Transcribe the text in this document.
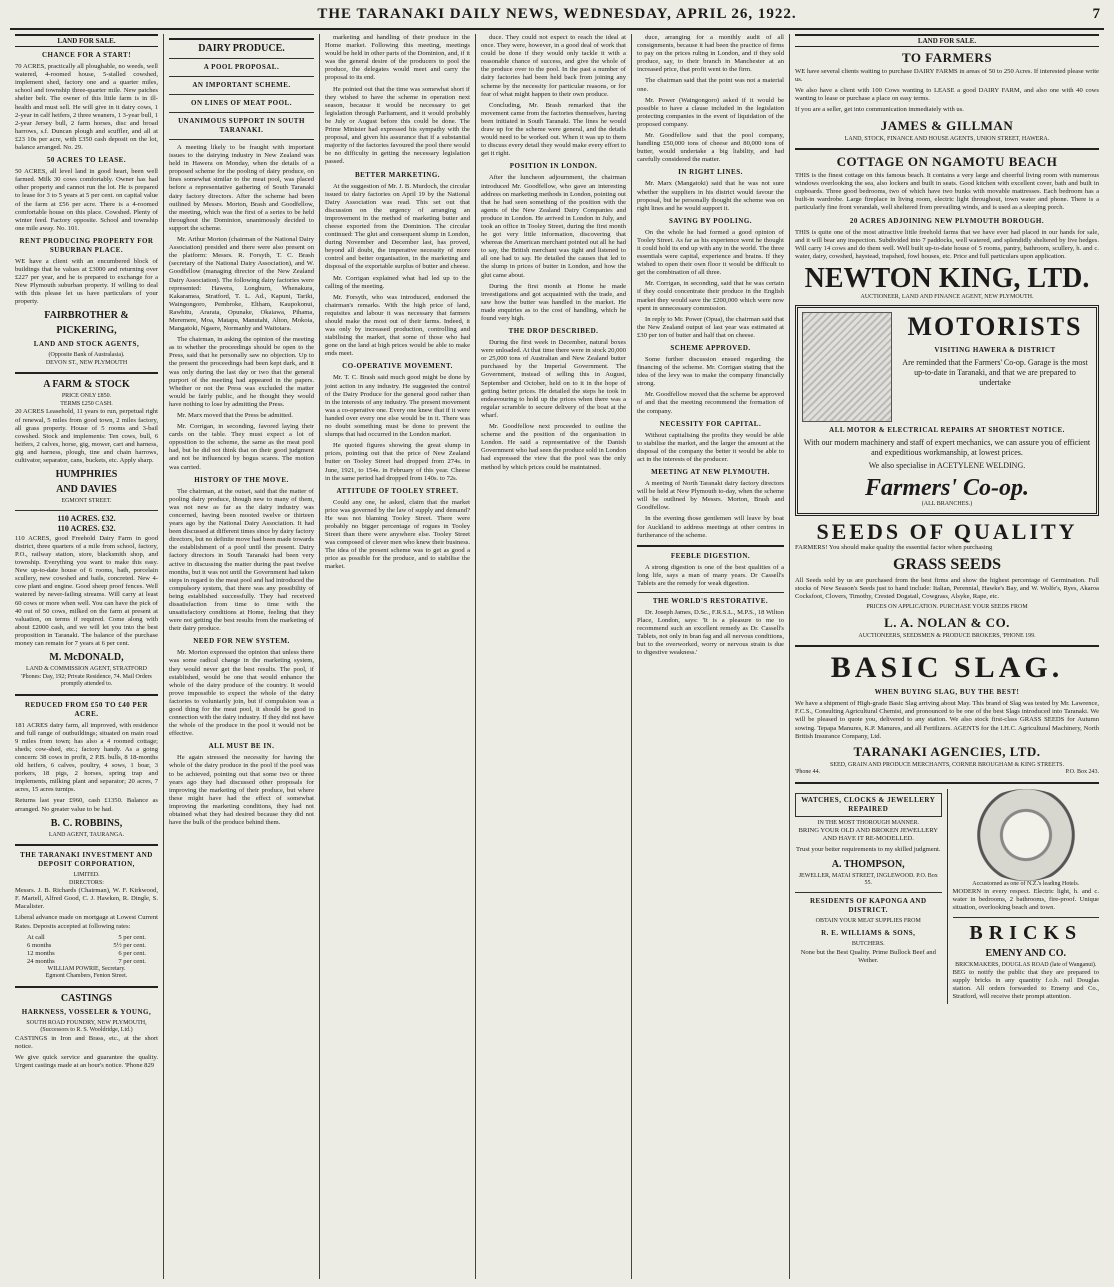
THE TARANAKI DAILY NEWS, WEDNESDAY, APRIL 26, 1922.	7
LAND FOR SALE.
CHANCE FOR A START!

70 ACRES, practically all ploughable, no weeds, well watered, 4-roomed house, 5-stalled cowshed, implement shed, factory one and a quarter miles, school and township three-quarter mile. New patches shelter belt. The owner of this little farm is in ill-health and must sell. He will give in it dairy cows, 1 2-year in calf heifers, 2 three weaners, 1 3-year bull, 1 2-year Jersey bull, 2 farm horses, disc and broad harrows, s.f. Duncan plough and scuffler, and all at £23 10s per acre, with £350 cash deposit on the lot, balance arranged. No. 29.

50 ACRES TO LEASE.

50 ACRES, all level land in good heart, been well farmed. Milk 30 cows comfortably. Owner has had other property and cannot run the lot. He is prepared to lease for 3 to 5 years at 5 per cent. on capital value of the farm at £56 per acre. There is a 4-roomed comfortable house on this place. Cowshed. Plenty of winter feed. Factory opposite. School and township one mile away. No. 101.

RENT PRODUCING PROPERTY FOR SUBURBAN PLACE.

WE have a client with an encumbered block of buildings that he values at £3000 and returning over £227 per year, and he is prepared to exchange for a New Plymouth suburban property. If willing to deal with this please let us have particulars of your property.

FAIRBROTHER &
PICKERING,
LAND AND STOCK AGENTS,
(Opposite Bank of Australasia).
DEVON ST., NEW PLYMOUTH
A FARM & STOCK
PRICE ONLY £850.
TERMS £250 CASH.

20 ACRES Leasehold, 11 years to run, perpetual right of renewal, 5 miles from good town, 2 miles factory, all grass property. House of 5 rooms and 3-bail cowshed. Stock and implements: Ten cows, bull, 6 heifers, 2 calves, horse, gig, mower, cart and harness, gig and harness, plough, tine and chain harrows, cultivator, separator, cans, buckets, etc. Apply sharp.

HUMPHRIES
AND DAVIES
EGMONT STREET.
110 ACRES. £32.
110 ACRES. £32.

110 ACRES, good Freehold Dairy Farm in good district, three quarters of a mile from school, factory, P.O., railway station, store, blacksmith shop, and township. Everything you want to make this easy. New up-to-date house of 6 rooms, bath, porcelain scullery, new cowshed and bails, concreted. New 4-cow plant and engine. Good sheep proof fences. Well watered by never-failing streams. Will carry at least 60 cows or more when well. You can have the pick of 40 out of 50 cows, milked on the farm at present at valuation, on terms if required. Come along with about £2000 cash, and we will let you into the best proposition in Taranaki. The balance of the purchase money can remain for 7 years at 6 per cent.

M. McDONALD,
LAND & COMMISSION AGENT, STRATFORD
'Phones: Day, 192; Private Residence, 74. Mail Orders promptly attended to.
REDUCED FROM £50 TO £40 PER ACRE.

181 ACRES dairy farm, all improved, with residence and full range of outbuildings; situated on main road 9 miles from town; has also a 4 roomed cottage; sheds; cow-shed, etc.; factory handy. As a going concern: 38 cows in profit, 2 P.B. bulls, 8 18-months old heifers, 6 calves, poultry, 4 sows, 1 boar, 3 porkers, 18 pigs, 2 horses, spring trap and implements, milking plant and separator; 20 acres, 7 acres, 15 acres turnips.

Returns last year £960, cash £1350. Balance as arranged. No greater value to be had.

B. C. ROBBINS,
LAND AGENT, TAURANGA.
THE TARANAKI INVESTMENT AND DEPOSIT CORPORATION,
LIMITED.
DIRECTORS:

Messrs. J. B. Richards (Chairman), W. F. Kirkwood, F. Martell, Alfred Good, C. J. Hawken, R. Dingle, S. Macalister.

Liberal advance made on mortgage at Lowest Current Rates. Deposits accepted at following rates:

At call	5 per cent.
6 months	5½ per cent.
12 months	6 per cent.
24 months	7 per cent.
WILLIAM POWRIE, Secretary.
Egmont Chambers, Fenton Street.
CASTINGS
HARKNESS, VOSSELER & YOUNG,
SOUTH ROAD FOUNDRY, NEW PLYMOUTH,
(Successors to R. S. Wooldridge, Ltd.)

CASTINGS in Iron and Brass, etc., at the short notice.

We give quick service and guarantee the quality. Urgent castings made at an hour's notice. 'Phone 829

DAIRY PRODUCE.
A POOL PROPOSAL.
AN IMPORTANT SCHEME.
ON LINES OF MEAT POOL.
UNANIMOUS SUPPORT IN SOUTH TARANAKI.

A meeting likely to be fraught with important issues to the dairying industry in New Zealand was held in Hawera on Monday, when the details of a proposed scheme for the pooling of dairy produce, on lines somewhat similar to the meat pool, was placed before a representative gathering of South Taranaki dairy factory directors. After the scheme had been outlined by Messrs. Morton, Brash and Goodfellow, the meeting, which was the first of a series to be held throughout the Dominion, unanimously decided to support the scheme.

Mr. Arthur Morton (chairman of the National Dairy Association) presided and there were also present on the platform: Messrs. R. Forsyth, T. C. Brash (secretary of the National Dairy Association), and W. Goodfellow (managing director of the New Zealand Dairy Association). The following dairy factories were represented: Hawera, Longburn, Whenakura, Kakaramea, Stratford, T. L. Ad., Kapuni, Tariki, Waingongoro, Pembroke, Eltham, Kaupokonui, Rawhitu, Ararata, Opunake, Okaiawa, Pihama, Meremere, Moa, Matapu, Manutahi, Alton, Mokoia, Mangatoki, Ngaere, Normanby and Waitotara.

The chairman, in asking the opinion of the meeting as to whether the proceedings should be open to the Press, said that he personally saw no objection. Up to the present the proceedings had been kept dark, and it was only during the last day or two that the general purport of the meeting had appeared in the papers. Whether or not the Press was excluded the matter would be fairly public, and he thought they would have nothing to lose by admitting the Press.

Mr. Marx moved that the Press be admitted.

Mr. Corrigan, in seconding, favored laying their cards on the table. They must expect a lot of opposition to the scheme, the same as the meat pool had, but he did not think that on their good judgment and not be influenced by bogus scares. The motion was carried.

HISTORY OF THE MOVE.

The chairman, at the outset, said that the matter of pooling dairy produce, though new to many of them, was not new as far as the dairy industry was concerned, having been mooted twelve or thirteen years ago by the National Dairy Association. It had been discussed at different times since by dairy factory directors, but no definite move had been made towards the establishment of a pool until the present. Dairy factory directors in South Taranaki had been very active in discussing the matter during the past twelve months, but it was not until the Government had taken steps in regard to the meat pool and had introduced the compulsory system, that there was any possibility of being established successfully. They had received dissatisfaction from time to time with the unsatisfactory conditions at Home, feeling that they were not getting the best results from the marketing of their dairy produce.

NEED FOR NEW SYSTEM.

Mr. Morton expressed the opinion that unless there was some radical change in the marketing system, they would never get the best results. The pool, if established, would be one that would enhance the whole of the dairy produce of the country. It would prove impossible to expect the whole of the dairy factories to voluntarily join, but if compulsion was a good thing for the meat pool, it should be good in connection with the dairy industry. If they did not have the whole of the produce in the pool it would not be effective.

ALL MUST BE IN.

He again stressed the necessity for having the whole of the dairy produce in the pool if the pool was to be achieved, pointing out that some two or three years ago they had discussed other proposals for improving the marketing of their produce, but where these might have had the effect of somewhat improving the marketing conditions, they had not obtained what they had desired because they did not have the bulk of the produce behind them.

marketing and handling of their produce in the Home market. Following this meeting, meetings would be held in other parts of the Dominion, and, if it was the general desire of the producers to pool the produce, the delegates would meet and carry the proposal to its end.

He pointed out that the time was somewhat short if they wished to have the scheme in operation next season, because it would be necessary to get legislation through Parliament, and it would probably be July or August before this could be done. The Prime Minister had expressed his sympathy with the proposal, and given his assurance that if a substantial majority of the factories favoured the pool there would be no difficulty in getting the necessary legislation passed.

BETTER MARKETING.

At the suggestion of Mr. J. B. Murdoch, the circular issued to dairy factories on April 19 by the National Dairy Association was read. This set out that discussion on the urgency of arranging an improvement in the method of marketing butter and cheese exported from the Dominion. The circular continued: The glut and consequent slump in London, during November and December last, has proved, beyond all doubt, the imperative necessity of more control and better organisation, in the marketing and disposal of the exportable surplus of butter and cheese.

Mr. Corrigan explained what had led up to the calling of the meeting.

Mr. Forsyth, who was introduced, endorsed the chairman's remarks. With the high price of land, requisites and labour it was necessary that farmers should make the most out of their farms. Indeed, it was only by increased production, controlling and stabilising the market, that some of those who had gone on the land at high prices would be able to make ends meet.

CO-OPERATIVE MOVEMENT.

Mr. T. C. Brash said much good might be done by joint action in any industry. He suggested the control of the Dairy Produce for the general good rather than in the interests of any industry. The present movement was a co-operative one. Every one knew that if it were handed over every one else would be in it. There was no doubt something must be done to prevent the slumps that had occurred in the London market.

He quoted figures showing the great slump in prices, pointing out that the price of New Zealand butter on Tooley Street had dropped from 274s. in June, 1921, to 154s. in February of this year. Cheese in the same period had dropped from 140s. to 72s.

ATTITUDE OF TOOLEY STREET.

Could any one, he asked, claim that the market price was governed by the law of supply and demand? He was not blaming Tooley Street. There were probably no bigger percentage of rogues in Tooley Street than there were anywhere else. Tooley Street was composed of clever men who knew their business. The idea of the present scheme was to get as good a price as possible for the produce, and to stabilise the market.

duce. They could not expect to reach the ideal at once. They were, however, in a good deal of work that could be done if they would only tackle it with a reasonable chance of success, and give the whole of the produce over to the pool. In the past a number of dairy factories had been held back from joining any scheme by the necessity for particular reasons, or for fear of what might happen to their own produce.

Concluding, Mr. Brash remarked that the movement came from the factories themselves, having been initiated in South Taranaki. The lines he would draw up for the scheme were general, and the details would need to be worked out. When it was up to them to discuss every detail they would make every effort to get it right.

POSITION IN LONDON.

After the luncheon adjournment, the chairman introduced Mr. Goodfellow, who gave an interesting address on marketing methods in London, pointing out that he had seen something of the position with the agents of the New Zealand Dairy Companies and produce in London. He arrived in London in July, and took an office in Tooley Street, during the first month he got very little information, discovering that whereas the American merchant pointed out all he had to say, the British merchant was tight and listened to all one had to say. He detailed the causes that led to the slump in prices of butter in London, and how the glut came about.

During the first month at Home he made investigations and got acquainted with the trade, and saw how the butter was handled in the market. He made enquiries as to the cost of handling, which he found very high.

THE DROP DESCRIBED.

During the first week in December, natural boxes were unloaded. At that time there were in stock 20,000 or 25,000 tons of Australian and New Zealand butter purchased by the Imperial Government. The Government, instead of selling this in August, September and October, held on to it in the hope of getting better prices. He detailed the steps he took in endeavouring to hold up the prices when there was a regular scramble to secure delivery of the boat at the wharf.

Mr. Goodfellow next proceeded to outline the scheme and the position of the organisation in London. He said a representative of the Danish Government who had seen the produce sold in London had expressed the view that the pool was the only method by which prices could be maintained.

duce, arranging for a monthly audit of all consignments, because it had been the practice of firms to pay on the prices ruling in London, and if they sold produce, say, to their branch in Manchester at an increased price, that profit went to the firm.

The chairman said that the point was not a material one.

Mr. Power (Waingongoro) asked if it would be possible to have a clause included in the legislation protecting companies in the event of liquidation of the proposed company.

Mr. Goodfellow said that the pool company, handling £50,000 tons of cheese and 80,000 tons of butter, would undertake a big liability, and had carefully considered the matter.

IN RIGHT LINES.

Mr. Marx (Mangatoki) said that he was not sure whether the suppliers in his district would favour the proposal, but he personally thought the scheme was on right lines and he would support it.

SAVING BY POOLING.

On the whole he had formed a good opinion of Tooley Street. As far as his experience went he thought it could hold its end up with any in the world. The three essentials were capital, experience and brains. If they wished to open their own floor it would be difficult to get the combination of all three.

Mr. Corrigan, in seconding, said that he was certain if they could concentrate their produce in the English market they would save the £200,000 which were now spent in unnecessary commission.

In reply to Mr. Power (Opua), the chairman said that the New Zealand output of last year was estimated at £30 per ton of butter and half that on cheese.

SCHEME APPROVED.

Some further discussion ensued regarding the financing of the scheme. Mr. Corrigan stating that the idea of the levy was to make the company financially strong.

Mr. Goodfellow moved that the scheme be approved of and that the meeting recommend the formation of the company.

NECESSITY FOR CAPITAL.

Without capitalising the profits they would be able to stabilise the market, and the larger the amount at the disposal of the company the better it would be able to act in the interests of the producer.

MEETING AT NEW PLYMOUTH.

A meeting of North Taranaki dairy factory directors will be held at New Plymouth to-day, when the scheme will be outlined by Messrs. Morton, Brash and Goodfellow.

In the evening those gentlemen will leave by boat for Auckland to address meetings at other centres in furtherance of the scheme.

FEEBLE DIGESTION.

A strong digestion is one of the best qualities of a long life, says a man of many years. Dr Cassell's Tablets are the remedy for weak digestion.

THE WORLD'S RESTORATIVE.

Dr. Joseph James, D.Sc., F.R.S.L., M.P.S., 18 Wilton Place, London, says: 'It is a pleasure to me to recommend such an excellent remedy as Dr. Cassell's Tablets, not only in bran fag and all nervous conditions, but to the overworked, worry or nervous strain is due to digestive weakness.'

LAND FOR SALE.
TO FARMERS

WE have several clients waiting to purchase DAIRY FARMS in areas of 50 to 250 Acres. If interested please write us.

We also have a client with 100 Cows wanting to LEASE a good DAIRY FARM, and also one with 40 cows wanting to lease or purchase a place on easy terms.

If you are a seller, get into communication immediately with us.

JAMES & GILLMAN
LAND, STOCK, FINANCE AND HOUSE AGENTS, UNION STREET, HAWERA.
COTTAGE ON NGAMOTU BEACH

THIS is the finest cottage on this famous beach. It contains a very large and cheerful living room with numerous windows overlooking the sea, also lockers and built in seats. Good kitchen with excellent cover, bath and built in cupboards. Three good bedrooms, two of which have two bunks with movable mattresses. Each bedroom has a built-in wardrobe. Large fireplace in living room, electric light throughout, town water and phone. There is a particularly fine front verandah, well sheltered from prevailing winds, and is used as a sleeping porch.

20 ACRES ADJOINING NEW PLYMOUTH BOROUGH.

THIS is quite one of the most attractive little freehold farms that we have ever had placed in our hands for sale, and it will bear any inspection. Subdivided into 7 paddocks, well watered, and splendidly sheltered by live hedges. Will carry 14 cows and do them well. Well built up-to-date house of 5 rooms, pantry, bathroom, scullery, h. and c. water, dairy, cowshed, haystead, trapshed, fowl houses, etc. Price and full particulars upon application.

NEWTON KING, LTD.
AUCTIONEER, LAND AND FINANCE AGENT, NEW PLYMOUTH.
MOTORISTS
VISITING HAWERA & DISTRICT

Are reminded that the Farmers' Co-op. Garage is the most up-to-date in Taranaki, and that we are prepared to undertake

ALL MOTOR & ELECTRICAL REPAIRS AT SHORTEST NOTICE.

With our modern machinery and staff of expert mechanics, we can assure you of efficient and expeditious workmanship, at lowest prices.

We also specialise in ACETYLENE WELDING.

Farmers' Co-op.
(ALL BRANCHES.)
SEEDS OF QUALITY

FARMERS! You should make quality the essential factor when purchasing

GRASS SEEDS

All Seeds sold by us are purchased from the best firms and show the highest percentage of Germination. Full stocks of New Season's Seeds just to hand include: Italian, Perennial, Hawke's Bay, and W. Wolfe's, Ryes, Akaroa Cocksfoot, Clovers, Timothy, Crested Dogstail, Cowgrass, Alsyke, Rape, etc.

PRICES ON APPLICATION. PURCHASE YOUR SEEDS FROM
L. A. NOLAN & CO.
AUCTIONEERS, SEEDSMEN & PRODUCE BROKERS, 'PHONE 199.
BASIC SLAG.
WHEN BUYING SLAG, BUY THE BEST!

We have a shipment of High-grade Basic Slag arriving about May. This brand of Slag was tested by Mr. Lawrence, F.C.S., Consulting Agricultural Chemist, and pronounced to be one of the best Slags introduced into Taranaki. We will be pleased to quote you, delivered to any station. We also stock first-class GRASS SEEDS for Autumn sowing. Tepapa Manures, K.P. Manures, and all Fertilizers. AGENTS for the I.H.C. Agricultural Machinery, North British Insurance Company, Ltd.

TARANAKI AGENCIES, LTD.
SEED, GRAIN AND PRODUCE MERCHANTS, CORNER BROUGHAM & KING STREETS.
'Phone 44.	P.O. Box 243.
WATCHES, CLOCKS & JEWELLERY REPAIRED
IN THE MOST THOROUGH MANNER.

BRING YOUR OLD AND BROKEN JEWELLERY AND HAVE IT RE-MODELLED.

Trust your better requirements to my skilled judgment.

A. THOMPSON,
JEWELLER, MATAI STREET, INGLEWOOD. P.O. Box 55.
RESIDENTS OF KAPONGA AND DISTRICT.
OBTAIN YOUR MEAT SUPPLIES FROM
R. E. WILLIAMS & SONS,
BUTCHERS.

None but the Best Quality. Prime Bullock Beef and Wether.

Accustomed as one of N.Z.'s leading Hotels.

MODERN in every respect. Electric light, h. and c. water in bedrooms, 2 bathrooms, fire-proof. Unique situation, overlooking beach and town.

BRICKS
EMENY AND CO.
BRICKMAKERS, DOUGLAS ROAD (late of Wanganui).

BEG to notify the public that they are prepared to supply bricks in any quantity f.o.b. rail Douglas station. All orders forwarded to Emeny and Co., Stratford, will receive their prompt attention.
